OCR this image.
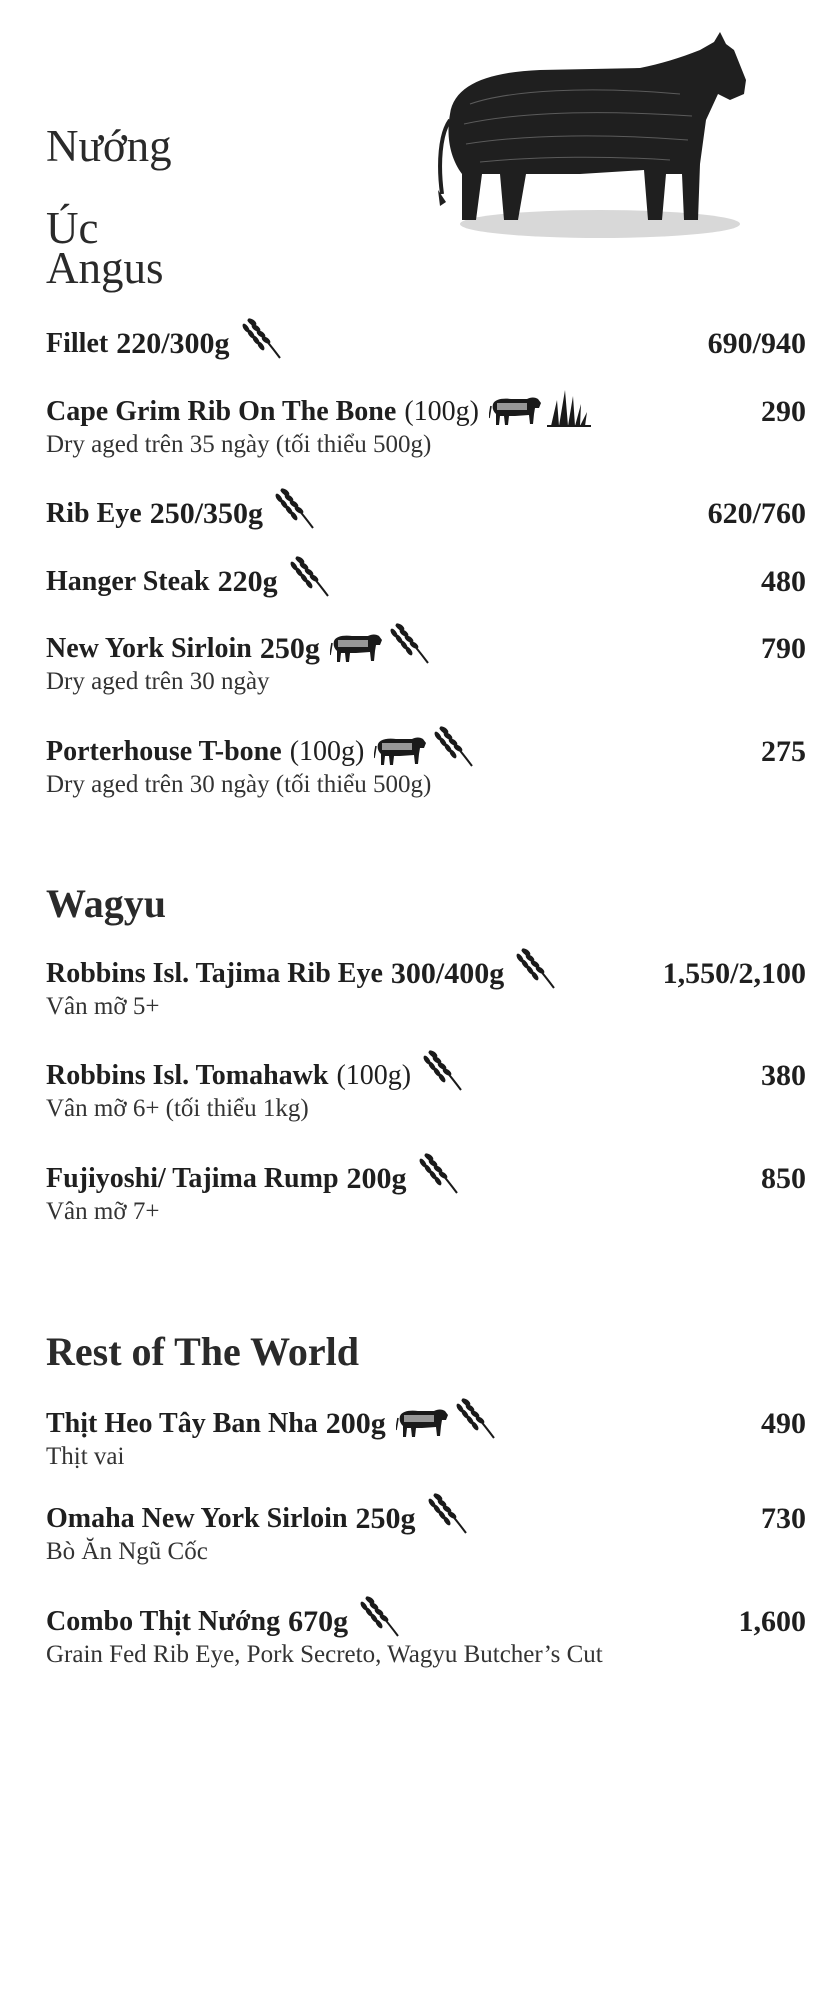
Nướng
Úc
Angus
Fillet 220/300g	690/940
Cape Grim Rib On The Bone (100g)	290
Dry aged trên 35 ngày (tối thiểu 500g)
Rib Eye 250/350g	620/760
Hanger Steak 220g	480
New York Sirloin 250g	790
Dry aged trên 30 ngày
Porterhouse T-bone (100g)	275
Dry aged trên 30 ngày (tối thiểu 500g)
Wagyu
Robbins Isl. Tajima Rib Eye 300/400g	1,550/2,100
Vân mỡ 5+
Robbins Isl. Tomahawk (100g)	380
Vân mỡ 6+ (tối thiểu 1kg)
Fujiyoshi/ Tajima Rump 200g	850
Vân mỡ 7+
Rest of The World
Thịt Heo Tây Ban Nha 200g	490
Thịt vai
Omaha New York Sirloin 250g	730
Bò Ăn Ngũ Cốc
Combo Thịt Nướng 670g	1,600
Grain Fed Rib Eye, Pork Secreto, Wagyu Butcher’s Cut
